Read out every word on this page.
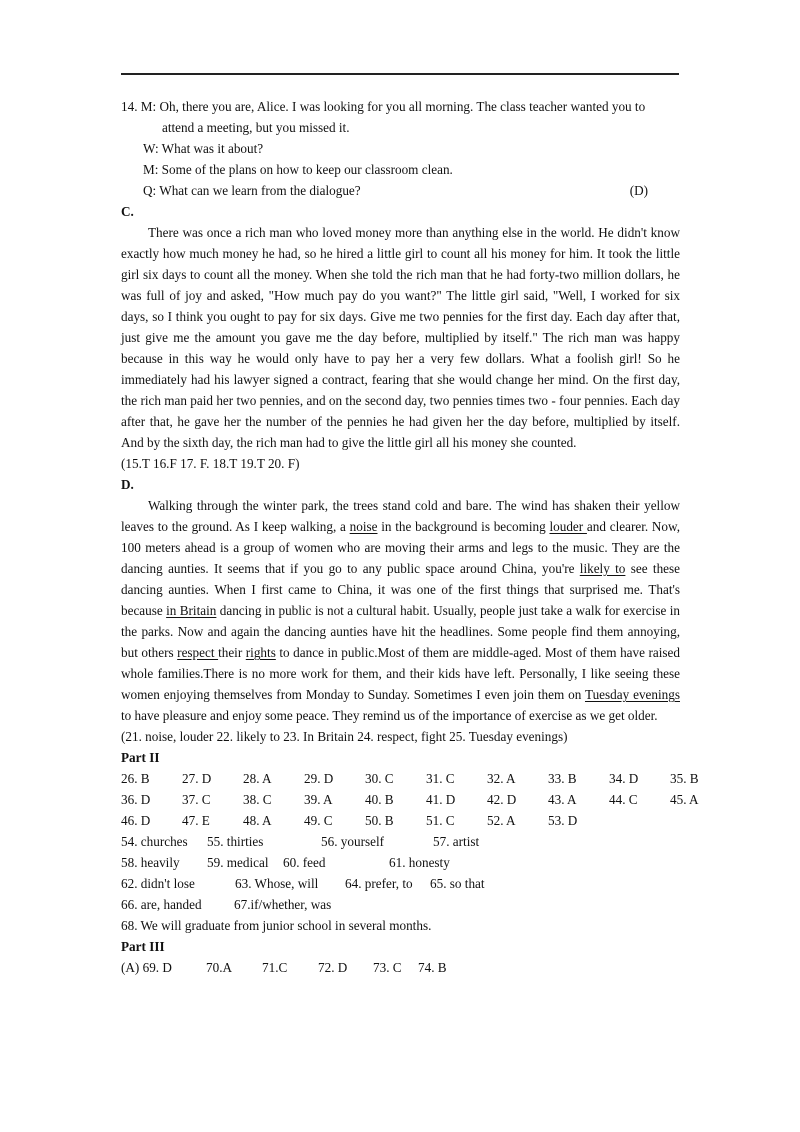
14. M: Oh, there you are, Alice. I was looking for you all morning. The class teacher wanted you to
attend a meeting, but you missed it.
W: What was it about?
M: Some of the plans on how to keep our classroom clean.
Q: What can we learn from the dialogue?	(D)
C.

There was once a rich man who loved money more than anything else in the world. He didn't know exactly how much money he had, so he hired a little girl to count all his money for him. It took the little girl six days to count all the money. When she told the rich man that he had forty-two million dollars, he was full of joy and asked, "How much pay do you want?" The little girl said, "Well, I worked for six days, so I think you ought to pay for six days. Give me two pennies for the first day. Each day after that, just give me the amount you gave me the day before, multiplied by itself." The rich man was happy because in this way he would only have to pay her a very few dollars. What a foolish girl! So he immediately had his lawyer signed a contract, fearing that she would change her mind. On the first day, the rich man paid her two pennies, and on the second day, two pennies times two - four pennies. Each day after that, he gave her the number of the pennies he had given her the day before, multiplied by itself. And by the sixth day, the rich man had to give the little girl all his money she counted.

(15.T 16.F 17. F. 18.T 19.T 20. F)
D.

Walking through the winter park, the trees stand cold and bare. The wind has shaken their yellow leaves to the ground. As I keep walking, a noise in the background is becoming louder and clearer. Now, 100 meters ahead is a group of women who are moving their arms and legs to the music. They are the dancing aunties. It seems that if you go to any public space around China, you're likely to see these dancing aunties. When I first came to China, it was one of the first things that surprised me. That's because in Britain dancing in public is not a cultural habit. Usually, people just take a walk for exercise in the parks. Now and again the dancing aunties have hit the headlines. Some people find them annoying, but others respect their rights to dance in public.Most of them are middle-aged. Most of them have raised whole families.There is no more work for them, and their kids have left. Personally, I like seeing these women enjoying themselves from Monday to Sunday. Sometimes I even join them on Tuesday evenings to have pleasure and enjoy some peace. They remind us of the importance of exercise as we get older.

(21. noise, louder 22. likely to 23. In Britain 24. respect, fight 25. Tuesday evenings)
Part II
26. B	27. D	28. A	29. D	30. C	31. C	32. A	33. B	34. D	35. B
36. D	37. C	38. C	39. A	40. B	41. D	42. D	43. A	44. C	45. A
46. D	47. E	48. A	49. C	50. B	51. C	52. A	53. D
54. churches 55. thirties	56. yourself	57. artist
58. heavily 59. medical 60. feed	61. honesty
62. didn't lose	63. Whose, will 64. prefer, to 65. so that
66. are, handed 67.if/whether, was
68. We will graduate from junior school in several months.
Part III
(A) 69. D	70.A 71.C 72. D 73. C 74. B
